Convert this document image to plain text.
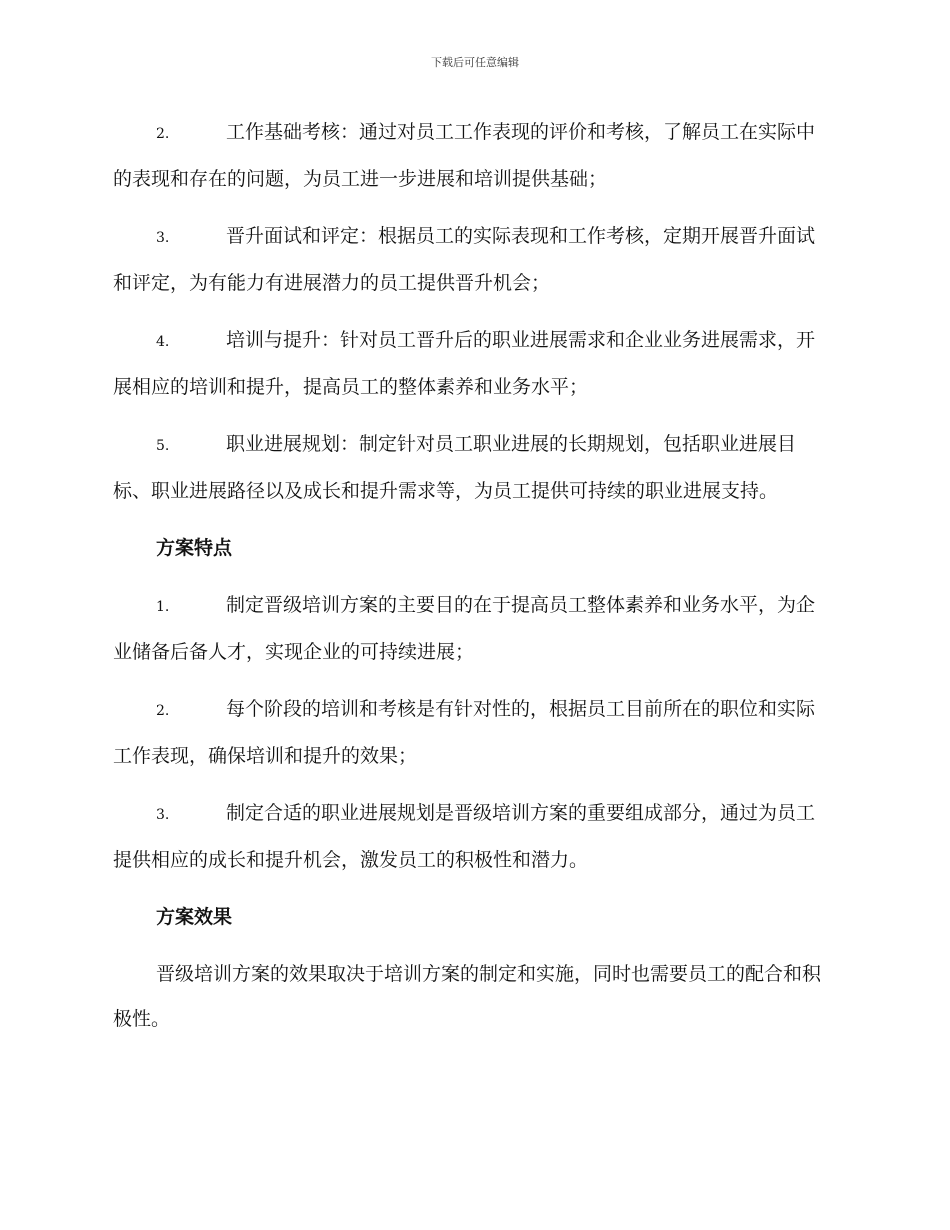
下载后可任意编辑

2.	工作基础考核：通过对员工工作表现的评价和考核，了解员工在实际中的表现和存在的问题，为员工进一步进展和培训提供基础；

3.	晋升面试和评定：根据员工的实际表现和工作考核，定期开展晋升面试和评定，为有能力有进展潜力的员工提供晋升机会；

4.	培训与提升：针对员工晋升后的职业进展需求和企业业务进展需求，开展相应的培训和提升，提高员工的整体素养和业务水平；

5.	职业进展规划：制定针对员工职业进展的长期规划，包括职业进展目标、职业进展路径以及成长和提升需求等，为员工提供可持续的职业进展支持。

方案特点

1.	制定晋级培训方案的主要目的在于提高员工整体素养和业务水平，为企业储备后备人才，实现企业的可持续进展；

2.	每个阶段的培训和考核是有针对性的，根据员工目前所在的职位和实际工作表现，确保培训和提升的效果；

3.	制定合适的职业进展规划是晋级培训方案的重要组成部分，通过为员工提供相应的成长和提升机会，激发员工的积极性和潜力。

方案效果

晋级培训方案的效果取决于培训方案的制定和实施，同时也需要员工的配合和积极性。
